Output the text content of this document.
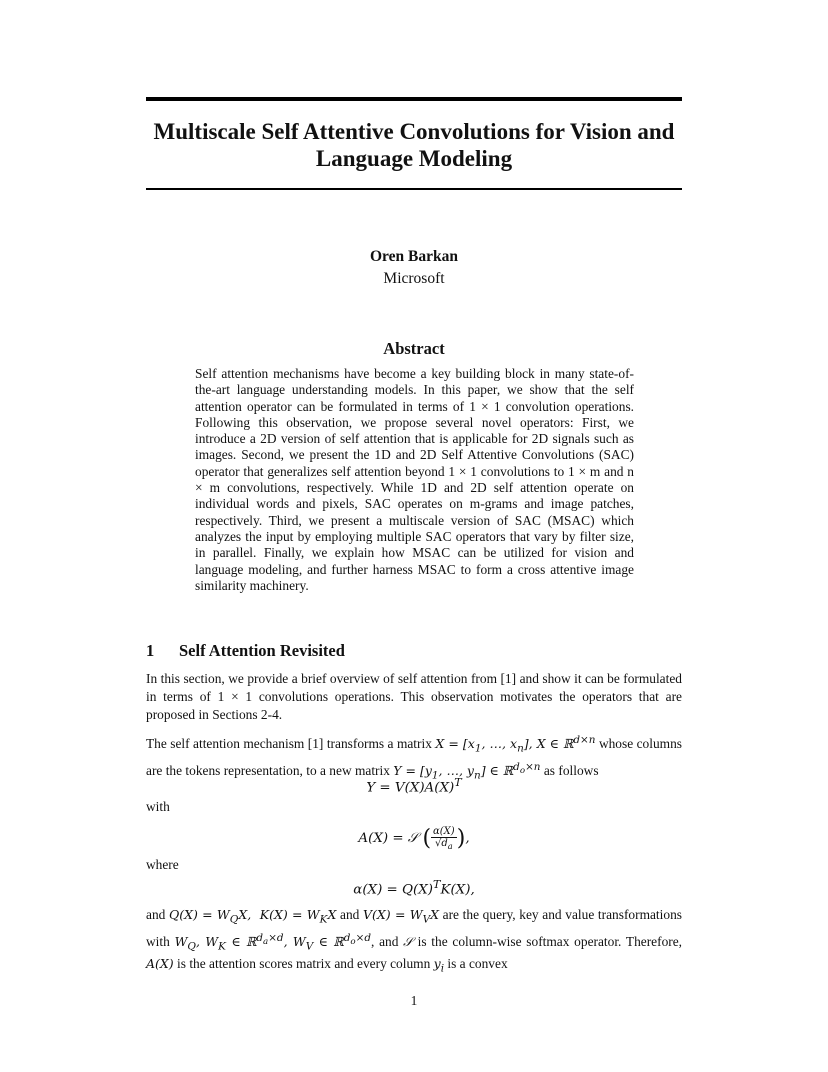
Multiscale Self Attentive Convolutions for Vision and Language Modeling
Oren Barkan
Microsoft
Abstract
Self attention mechanisms have become a key building block in many state-of-the-art language understanding models. In this paper, we show that the self attention operator can be formulated in terms of 1 × 1 convolution operations. Following this observation, we propose several novel operators: First, we introduce a 2D version of self attention that is applicable for 2D signals such as images. Second, we present the 1D and 2D Self Attentive Convolutions (SAC) operator that generalizes self attention beyond 1 × 1 convolutions to 1 × m and n × m convolutions, respectively. While 1D and 2D self attention operate on individual words and pixels, SAC operates on m-grams and image patches, respectively. Third, we present a multiscale version of SAC (MSAC) which analyzes the input by employing multiple SAC operators that vary by filter size, in parallel. Finally, we explain how MSAC can be utilized for vision and language modeling, and further harness MSAC to form a cross attentive image similarity machinery.
1 Self Attention Revisited
In this section, we provide a brief overview of self attention from [1] and show it can be formulated in terms of 1 × 1 convolutions operations. This observation motivates the operators that are proposed in Sections 2-4.
The self attention mechanism [1] transforms a matrix $X = [x_1$, …, $x_n$], X ∈ ℝ$^{d\times n}$ whose columns are the tokens representation, to a new matrix $Y = [y_1$, …, $y_n$] ∈ ℝ$^{d_o\times n}$ as follows
$Y = V(X)A(X)^T$
with
A(X) = 𝒮 ( $\frac{\alpha(X)}{√d_a}$ ),
where
$\alpha(X) = Q(X)^TK(X)$,
and $Q(X) = W_QX$,  $K(X) = W_KX$ and $V(X) = W_VX$ are the query, key and value transformations with $W_Q$, $W_K$ ∈ ℝ$^{d_a\times d}$, $W_V$ ∈ ℝ$^{d_o\times d}$, and 𝒮 is the column-wise softmax operator. Therefore, A(X) is the attention scores matrix and every column $y_i$ is a convex
1
